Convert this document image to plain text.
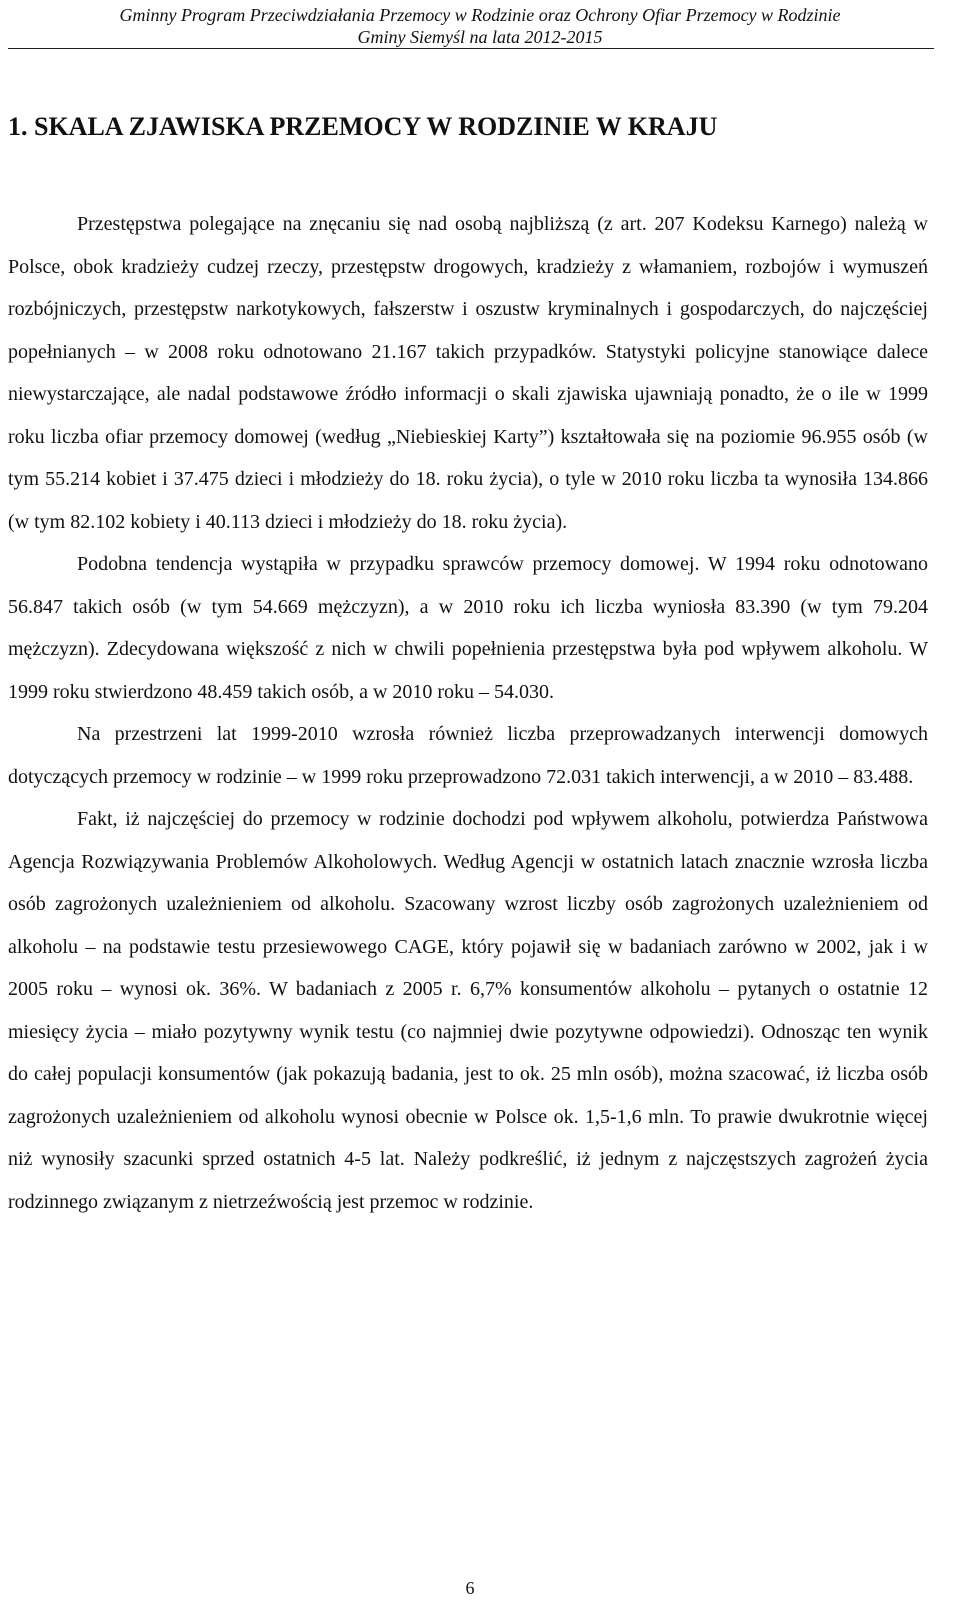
Gminny Program Przeciwdziałania Przemocy w Rodzinie oraz Ochrony Ofiar Przemocy w Rodzinie
Gminy Siemyśl na lata 2012-2015
1. SKALA ZJAWISKA PRZEMOCY W RODZINIE W KRAJU

Przestępstwa polegające na znęcaniu się nad osobą najbliższą (z art. 207 Kodeksu Karnego) należą w Polsce, obok kradzieży cudzej rzeczy, przestępstw drogowych, kradzieży z włamaniem, rozbojów i wymuszeń rozbójniczych, przestępstw narkotykowych, fałszerstw i oszustw kryminalnych i gospodarczych, do najczęściej popełnianych – w 2008 roku odnotowano 21.167 takich przypadków. Statystyki policyjne stanowiące dalece niewystarczające, ale nadal podstawowe źródło informacji o skali zjawiska ujawniają ponadto, że o ile w 1999 roku liczba ofiar przemocy domowej (według „Niebieskiej Karty”) kształtowała się na poziomie 96.955 osób (w tym 55.214 kobiet i 37.475 dzieci i młodzieży do 18. roku życia), o tyle w 2010 roku liczba ta wynosiła 134.866 (w tym 82.102 kobiety i 40.113 dzieci i młodzieży do 18. roku życia).

Podobna tendencja wystąpiła w przypadku sprawców przemocy domowej. W 1994 roku odnotowano 56.847 takich osób (w tym 54.669 mężczyzn), a w 2010 roku ich liczba wyniosła 83.390 (w tym 79.204 mężczyzn). Zdecydowana większość z nich w chwili popełnienia przestępstwa była pod wpływem alkoholu. W 1999 roku stwierdzono 48.459 takich osób, a w 2010 roku – 54.030.

Na przestrzeni lat 1999-2010 wzrosła również liczba przeprowadzanych interwencji domowych dotyczących przemocy w rodzinie – w 1999 roku przeprowadzono 72.031 takich interwencji, a w 2010 – 83.488.

Fakt, iż najczęściej do przemocy w rodzinie dochodzi pod wpływem alkoholu, potwierdza Państwowa Agencja Rozwiązywania Problemów Alkoholowych. Według Agencji w ostatnich latach znacznie wzrosła liczba osób zagrożonych uzależnieniem od alkoholu. Szacowany wzrost liczby osób zagrożonych uzależnieniem od alkoholu – na podstawie testu przesiewowego CAGE, który pojawił się w badaniach zarówno w 2002, jak i w 2005 roku – wynosi ok. 36%. W badaniach z 2005 r. 6,7% konsumentów alkoholu – pytanych o ostatnie 12 miesięcy życia – miało pozytywny wynik testu (co najmniej dwie pozytywne odpowiedzi). Odnosząc ten wynik do całej populacji konsumentów (jak pokazują badania, jest to ok. 25 mln osób), można szacować, iż liczba osób zagrożonych uzależnieniem od alkoholu wynosi obecnie w Polsce ok. 1,5-1,6 mln. To prawie dwukrotnie więcej niż wynosiły szacunki sprzed ostatnich 4-5 lat. Należy podkreślić, iż jednym z najczęstszych zagrożeń życia rodzinnego związanym z nietrzeźwością jest przemoc w rodzinie.

6
